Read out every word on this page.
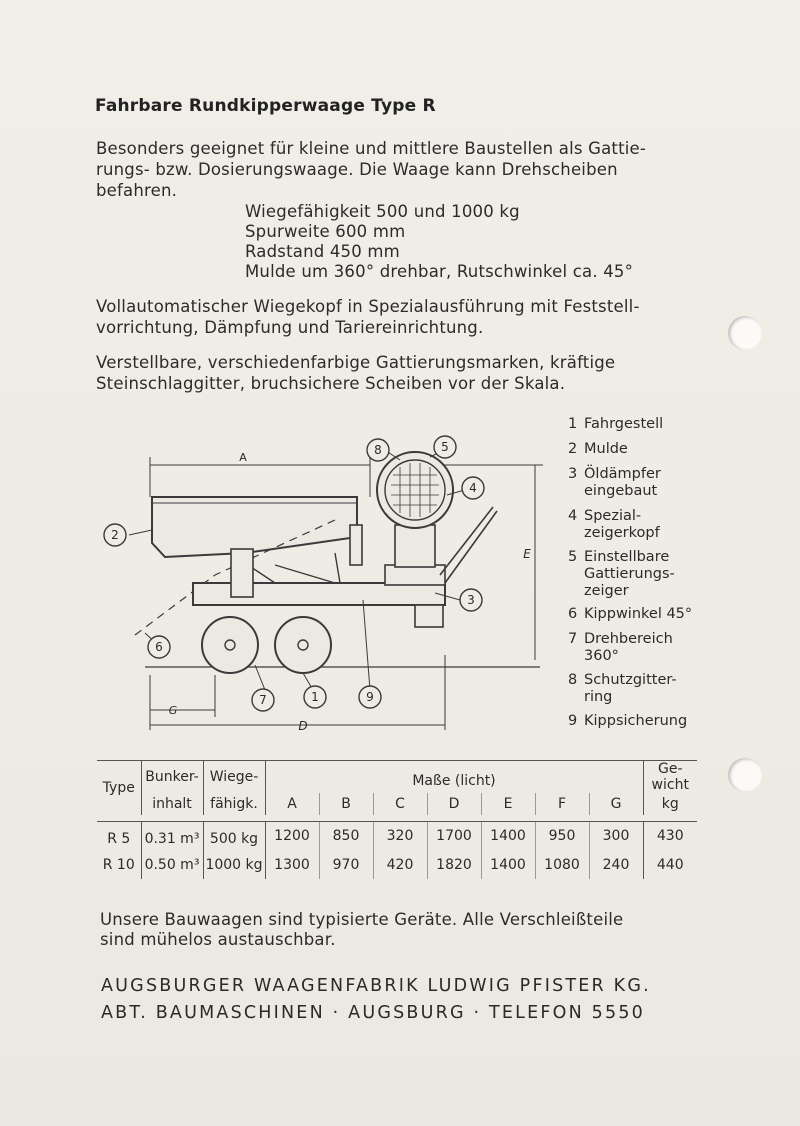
Fahrbare Rundkipperwaage Type R
Besonders geeignet für kleine und mittlere Baustellen als Gattie-
rungs- bzw. Dosierungswaage. Die Waage kann Drehscheiben
befahren.
Wiegefähigkeit 500 und 1000 kg
Spurweite 600 mm
Radstand 450 mm
Mulde um 360° drehbar, Rutschwinkel ca. 45°
Vollautomatischer Wiegekopf in Spezialausführung mit Feststell-
vorrichtung, Dämpfung und Tariereinrichtung.
Verstellbare, verschiedenfarbige Gattierungsmarken, kräftige
Steinschlaggitter, bruchsichere Scheiben vor der Skala.
A
D
G
E
2
3
4
5
8
6
7	1	9
1 Fahrgestell
2 Mulde
3 Öldämpfer
eingebaut
4 Spezial-
zeigerkopf
5 Einstellbare
Gattierungs-
zeiger
6 Kippwinkel 45°
7 Drehbereich
360°
8 Schutzgitter-
ring
9 Kippsicherung
Type	Bunker-	Wiege-	Maße (licht)							Ge-
wicht
	inhalt	fähigk.	A	B	C	D	E	F	G	kg

R 5	0.31 m³	500 kg	1200	850	320	1700	1400	950	300	430
R 10	0.50 m³	1000 kg	1300	970	420	1820	1400	1080	240	440
Unsere Bauwaagen sind typisierte Geräte. Alle Verschleißteile
sind mühelos austauschbar.
AUGSBURGER WAAGENFABRIK LUDWIG PFISTER KG.
ABT. BAUMASCHINEN · AUGSBURG · TELEFON 5550
